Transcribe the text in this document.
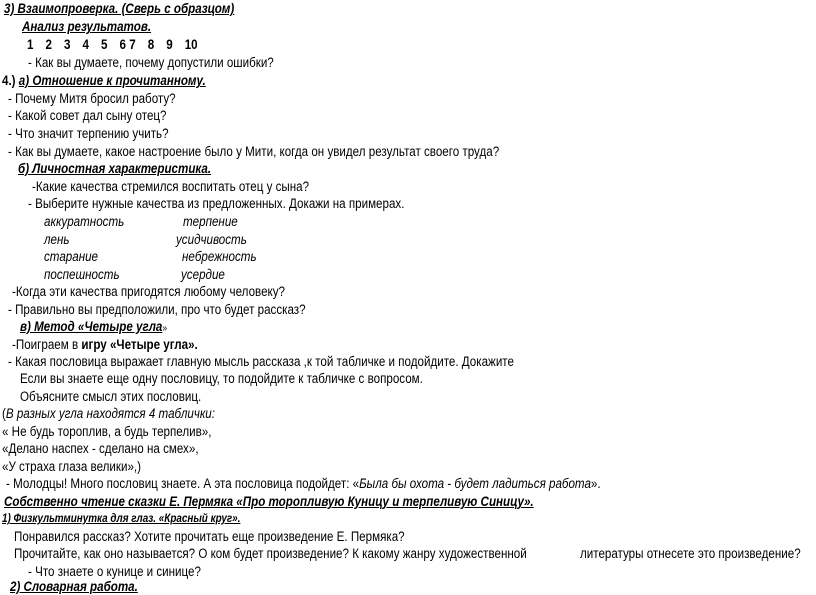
3) Взаимопроверка. (Сверь с образцом)
Анализ результатов.
1 2 3 4 5 6 7 8 9 10
- Как вы думаете, почему допустили ошибки?
4.) а) Отношение к прочитанному.
- Почему Митя бросил работу?
- Какой совет дал сыну отец?
- Что значит терпению учить?
- Как вы думаете, какое настроение было у Мити, когда он увидел результат своего труда?
б) Личностная характеристика.
-Какие качества стремился воспитать отец у сына?
- Выберите нужные качества из предложенных. Докажи на примерах.
аккуратность	терпение
лень	усидчивость
старание	небрежность
поспешность	усердие
-Когда эти качества пригодятся любому человеку?
- Правильно вы предположили, про что будет рассказ?
в) Метод «Четыре угла»
-Поиграем в игру «Четыре угла».
- Какая пословица выражает главную мысль рассказа ,к той табличке и подойдите. Докажите
Если вы знаете еще одну пословицу, то подойдите к табличке с вопросом.
Объясните смысл этих пословиц.
(В разных угла находятся 4 таблички:
« Не будь тороплив, а будь терпелив»,
«Делано наспех - сделано на смех»,
«У страха глаза велики»,)
- Молодцы! Много пословиц знаете. А эта пословица подойдет: «Была бы охота - будет ладиться работа».
Собственно чтение сказки Е. Пермяка «Про торопливую Куницу и терпеливую Синицу».
1) Физкультминутка для глаз. «Красный круг».
Понравился рассказ? Хотите прочитать еще произведение Е. Пермяка?
Прочитайте, как оно называется? О ком будет произведение? К какому жанру художественной	литературы отнесете это произведение?
- Что знаете о кунице и синице?
2) Словарная работа.
